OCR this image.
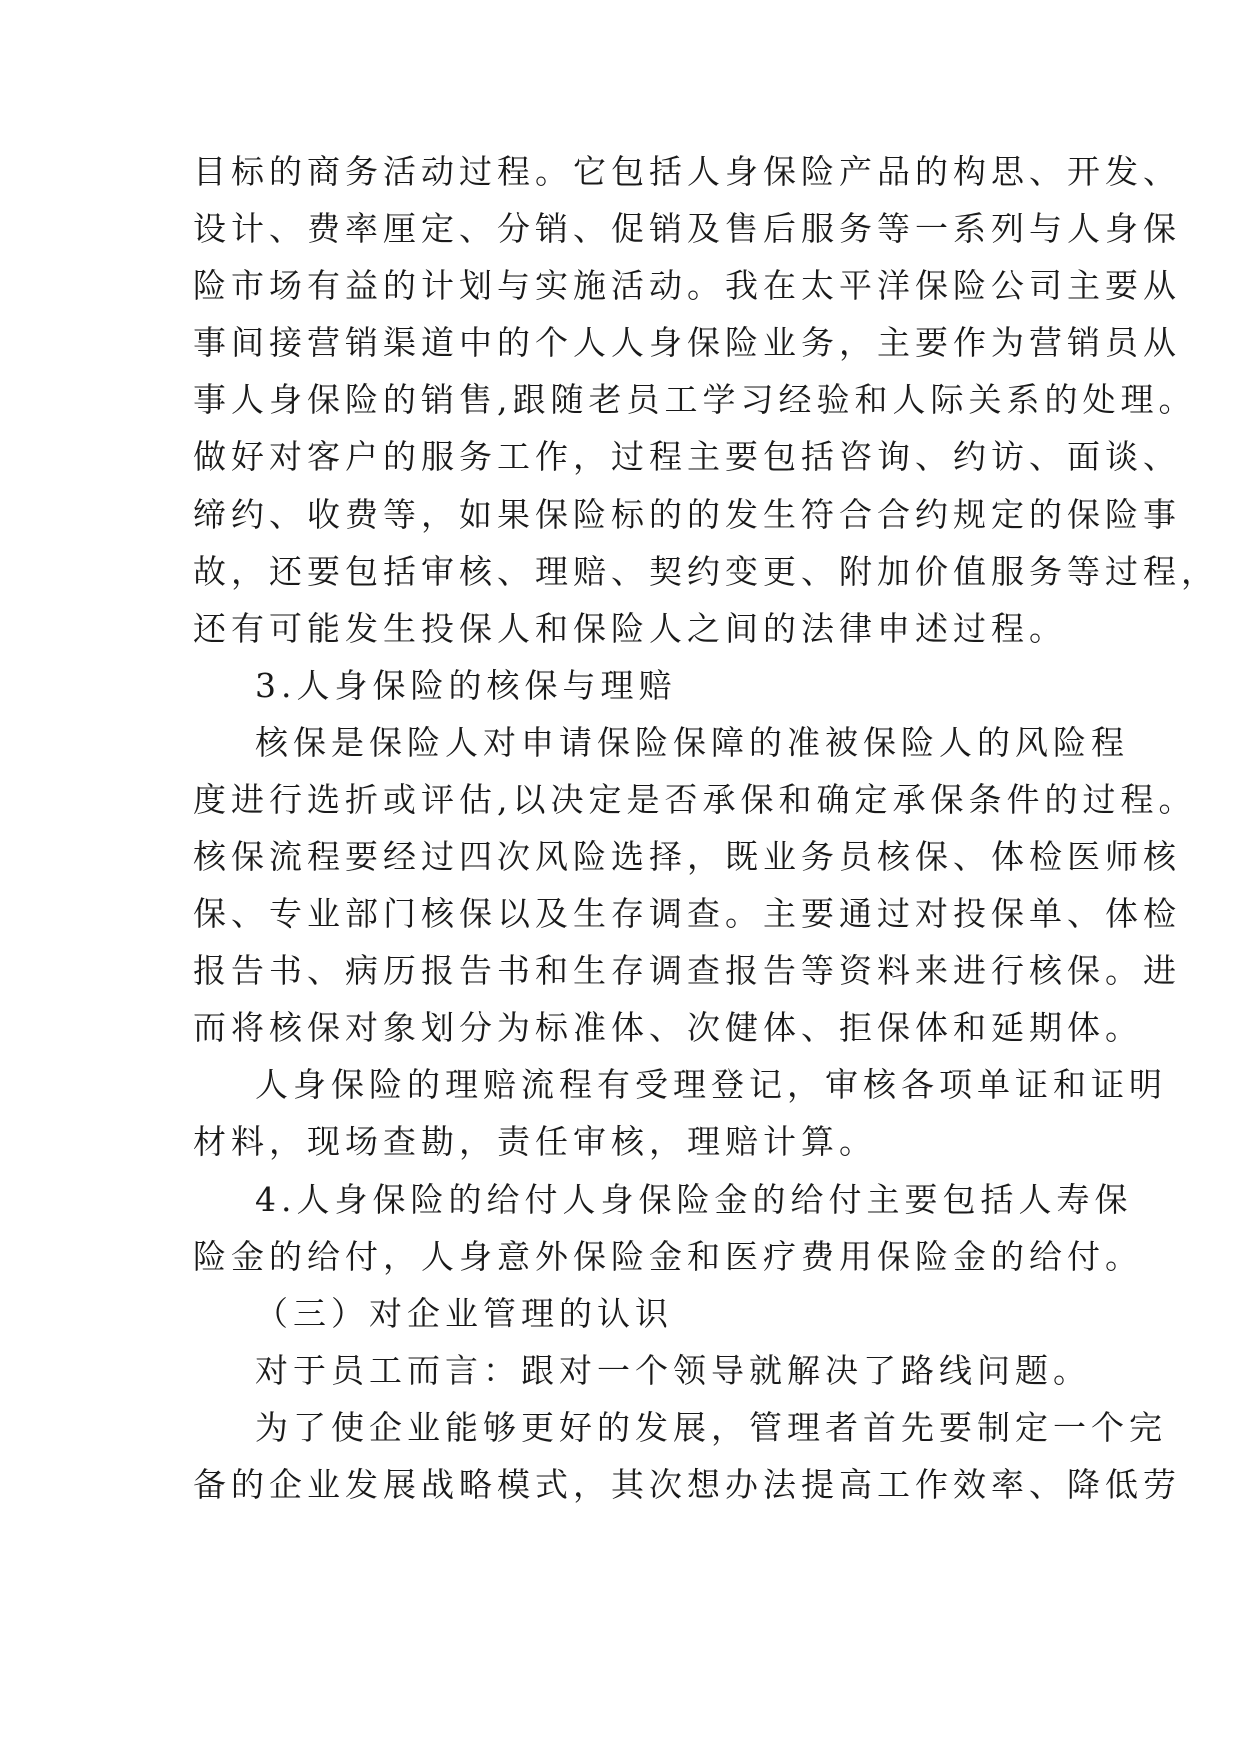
目标的商务活动过程。它包括人身保险产品的构思、开发、

设计、费率厘定、分销、促销及售后服务等一系列与人身保

险市场有益的计划与实施活动。我在太平洋保险公司主要从

事间接营销渠道中的个人人身保险业务，主要作为营销员从

事人身保险的销售,跟随老员工学习经验和人际关系的处理。

做好对客户的服务工作，过程主要包括咨询、约访、面谈、

缔约、收费等，如果保险标的的发生符合合约规定的保险事

故，还要包括审核、理赔、契约变更、附加价值服务等过程，

还有可能发生投保人和保险人之间的法律申述过程。

3.人身保险的核保与理赔

核保是保险人对申请保险保障的准被保险人的风险程

度进行选折或评估,以决定是否承保和确定承保条件的过程。

核保流程要经过四次风险选择，既业务员核保、体检医师核

保、专业部门核保以及生存调查。主要通过对投保单、体检

报告书、病历报告书和生存调查报告等资料来进行核保。进

而将核保对象划分为标准体、次健体、拒保体和延期体。

人身保险的理赔流程有受理登记，审核各项单证和证明

材料，现场查勘，责任审核，理赔计算。

4.人身保险的给付人身保险金的给付主要包括人寿保

险金的给付，人身意外保险金和医疗费用保险金的给付。

（三）对企业管理的认识

对于员工而言：跟对一个领导就解决了路线问题。

为了使企业能够更好的发展，管理者首先要制定一个完

备的企业发展战略模式，其次想办法提高工作效率、降低劳
